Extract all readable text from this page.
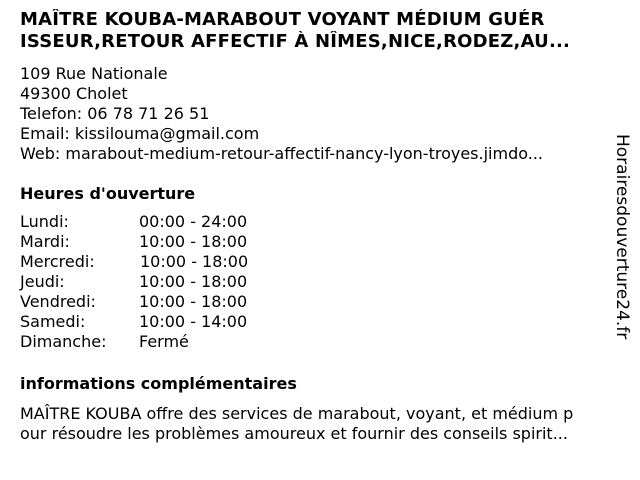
MAÎTRE KOUBA-MARABOUT VOYANT MÉDIUM GUÉR
ISSEUR,RETOUR AFFECTIF À NÎMES,NICE,RODEZ,AU...
109 Rue Nationale
49300 Cholet
Telefon: 06 78 71 26 51
Email: kissilouma@gmail.com
Web: marabout-medium-retour-affectif-nancy-lyon-troyes.jimdo...
Heures d'ouverture
Lundi:	00:00 - 24:00
Mardi:	10:00 - 18:00
Mercredi:	10:00 - 18:00
Jeudi:	10:00 - 18:00
Vendredi:	10:00 - 18:00
Samedi:	10:00 - 14:00
Dimanche:	Fermé
informations complémentaires
MAÎTRE KOUBA offre des services de marabout, voyant, et médium p
our résoudre les problèmes amoureux et fournir des conseils spirit...
Horairesdouverture24.fr
